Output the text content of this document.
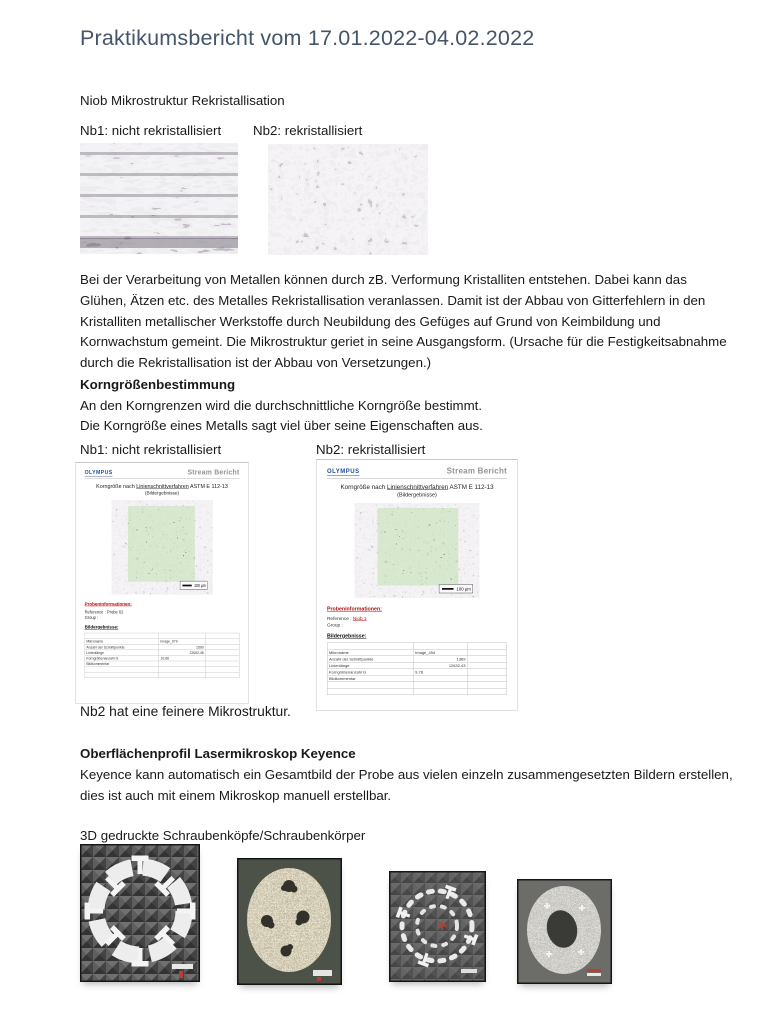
Praktikumsbericht vom 17.01.2022-04.02.2022
Niob Mikrostruktur Rekristallisation
Nb1: nicht rekristallisiert Nb2: rekristallisiert
Bei der Verarbeitung von Metallen können durch zB. Verformung Kristalliten entstehen. Dabei kann das Glühen, Ätzen etc. des Metalles Rekristallisation veranlassen. Damit ist der Abbau von Gitterfehlern in den Kristalliten metallischer Werkstoffe durch Neubildung des Gefüges auf Grund von Keimbildung und Kornwachstum gemeint. Die Mikrostruktur geriet in seine Ausgangsform. (Ursache für die Festigkeitsabnahme durch die Rekristallisation ist der Abbau von Versetzungen.)
Korngrößenbestimmung
An den Korngrenzen wird die durchschnittliche Korngröße bestimmt.
Die Korngröße eines Metalls sagt viel über seine Eigenschaften aus.
Nb1: nicht rekristallisiert	Nb2: rekristallisiert
OLYMPUS	Stream Bericht
Korngröße nach Linienschnittverfahren ASTM E 112-13
(Bildergebnisse)
100 µm
Probeninformationen:
Reference : Probe 02
Group :
Bildergebnisse:

Mikroname	Image_079	
Anzahl der Schnittpunkte	1590	
Linienlänge	12652,45	
Korngrößenanzahl G	10,66	
Bildkommentar		

OLYMPUS	Stream Bericht
Korngröße nach Linienschnittverfahren ASTM E 112-13
(Bildergebnisse)
100 µm
Probeninformationen:
Reference : Niob 1
Group :
Bildergebnisse:

Mikroname	Image_454	
Anzahl der Schnittpunkte	1369	
Linienlänge	12632,43	
Korngrößenanzahl G	9,78	
Bildkommentar		

Nb2 hat eine feinere Mikrostruktur.
Oberflächenprofil Lasermikroskop Keyence
Keyence kann automatisch ein Gesamtbild der Probe aus vielen einzeln zusammengesetzten Bildern erstellen, dies ist auch mit einem Mikroskop manuell erstellbar.
3D gedruckte Schraubenköpfe/Schraubenkörper
